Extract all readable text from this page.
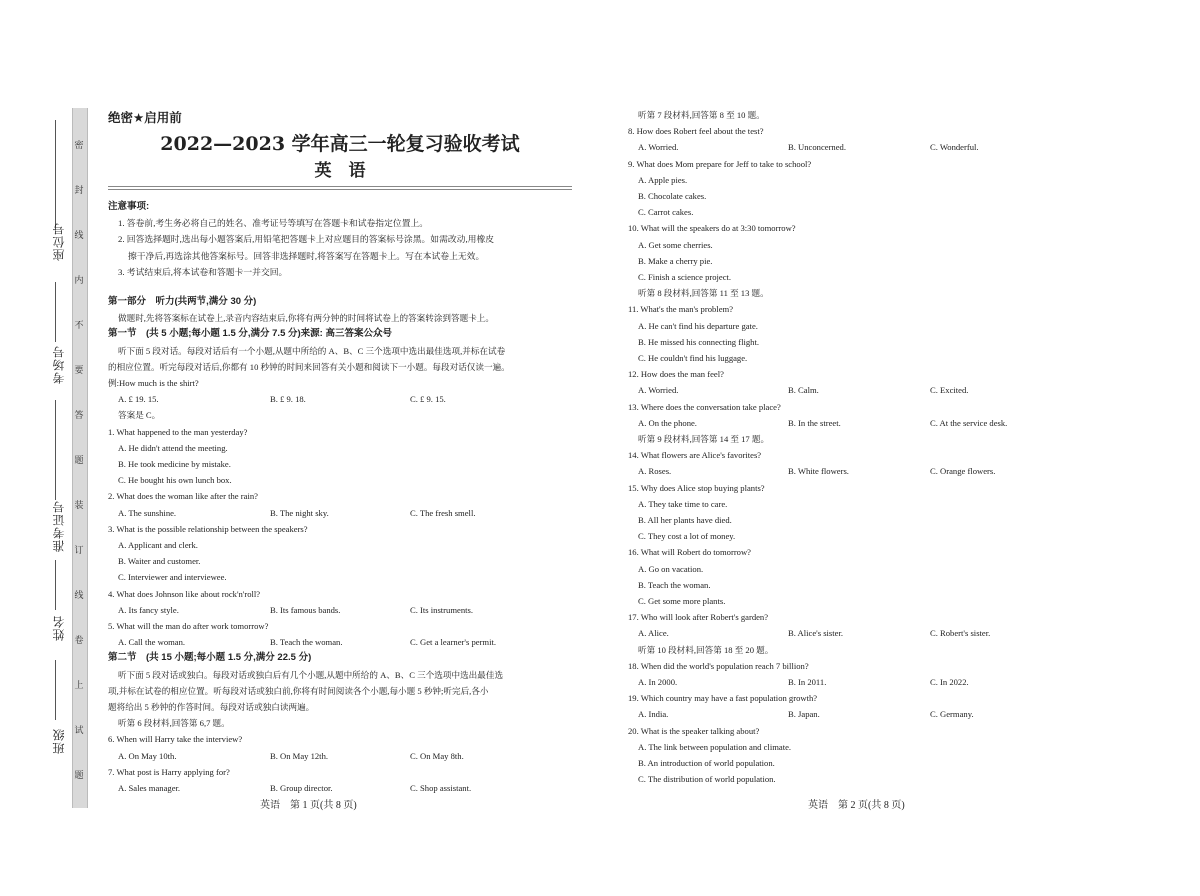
座位号
考场号
准考证号
姓名
班级
密
封
线
内
不
要
答
题
装
订
线
卷
上
试
题
绝密★启用前
2022—2023 学年高三一轮复习验收考试
英　语
注意事项:
1. 答卷前,考生务必将自己的姓名、准考证号等填写在答题卡和试卷指定位置上。
2. 回答选择题时,选出每小题答案后,用铅笔把答题卡上对应题目的答案标号涂黑。如需改动,用橡皮
擦干净后,再选涂其他答案标号。回答非选择题时,将答案写在答题卡上。写在本试卷上无效。
3. 考试结束后,将本试卷和答题卡一并交回。
第一部分　听力(共两节,满分 30 分)
做题时,先将答案标在试卷上,录音内容结束后,你将有两分钟的时间将试卷上的答案转涂到答题卡上。
第一节　(共 5 小题;每小题 1.5 分,满分 7.5 分)来源: 高三答案公众号
听下面 5 段对话。每段对话后有一个小题,从题中所给的 A、B、C 三个选项中选出最佳选项,并标在试卷
的相应位置。听完每段对话后,你都有 10 秒钟的时间来回答有关小题和阅读下一小题。每段对话仅读一遍。
例:How much is the shirt?
A. £ 19. 15.	B. £ 9. 18.	C. £ 9. 15.
答案是 C。
1. What happened to the man yesterday?
A. He didn't attend the meeting.
B. He took medicine by mistake.
C. He bought his own lunch box.
2. What does the woman like after the rain?
A. The sunshine.	B. The night sky.	C. The fresh smell.
3. What is the possible relationship between the speakers?
A. Applicant and clerk.
B. Waiter and customer.
C. Interviewer and interviewee.
4. What does Johnson like about rock'n'roll?
A. Its fancy style.	B. Its famous bands.	C. Its instruments.
5. What will the man do after work tomorrow?
A. Call the woman.	B. Teach the woman.	C. Get a learner's permit.
第二节　(共 15 小题;每小题 1.5 分,满分 22.5 分)
听下面 5 段对话或独白。每段对话或独白后有几个小题,从题中所给的 A、B、C 三个选项中选出最佳选
项,并标在试卷的相应位置。听每段对话或独白前,你将有时间阅读各个小题,每小题 5 秒钟;听完后,各小
题将给出 5 秒钟的作答时间。每段对话或独白读两遍。
听第 6 段材料,回答第 6,7 题。
6. When will Harry take the interview?
A. On May 10th.	B. On May 12th.	C. On May 8th.
7. What post is Harry applying for?
A. Sales manager.	B. Group director.	C. Shop assistant.
听第 7 段材料,回答第 8 至 10 题。
8. How does Robert feel about the test?
A. Worried.	B. Unconcerned.	C. Wonderful.
9. What does Mom prepare for Jeff to take to school?
A. Apple pies.
B. Chocolate cakes.
C. Carrot cakes.
10. What will the speakers do at 3:30 tomorrow?
A. Get some cherries.
B. Make a cherry pie.
C. Finish a science project.
听第 8 段材料,回答第 11 至 13 题。
11. What's the man's problem?
A. He can't find his departure gate.
B. He missed his connecting flight.
C. He couldn't find his luggage.
12. How does the man feel?
A. Worried.	B. Calm.	C. Excited.
13. Where does the conversation take place?
A. On the phone.	B. In the street.	C. At the service desk.
听第 9 段材料,回答第 14 至 17 题。
14. What flowers are Alice's favorites?
A. Roses.	B. White flowers.	C. Orange flowers.
15. Why does Alice stop buying plants?
A. They take time to care.
B. All her plants have died.
C. They cost a lot of money.
16. What will Robert do tomorrow?
A. Go on vacation.
B. Teach the woman.
C. Get some more plants.
17. Who will look after Robert's garden?
A. Alice.	B. Alice's sister.	C. Robert's sister.
听第 10 段材料,回答第 18 至 20 题。
18. When did the world's population reach 7 billion?
A. In 2000.	B. In 2011.	C. In 2022.
19. Which country may have a fast population growth?
A. India.	B. Japan.	C. Germany.
20. What is the speaker talking about?
A. The link between population and climate.
B. An introduction of world population.
C. The distribution of world population.
英语　第 1 页(共 8 页)	英语　第 2 页(共 8 页)
